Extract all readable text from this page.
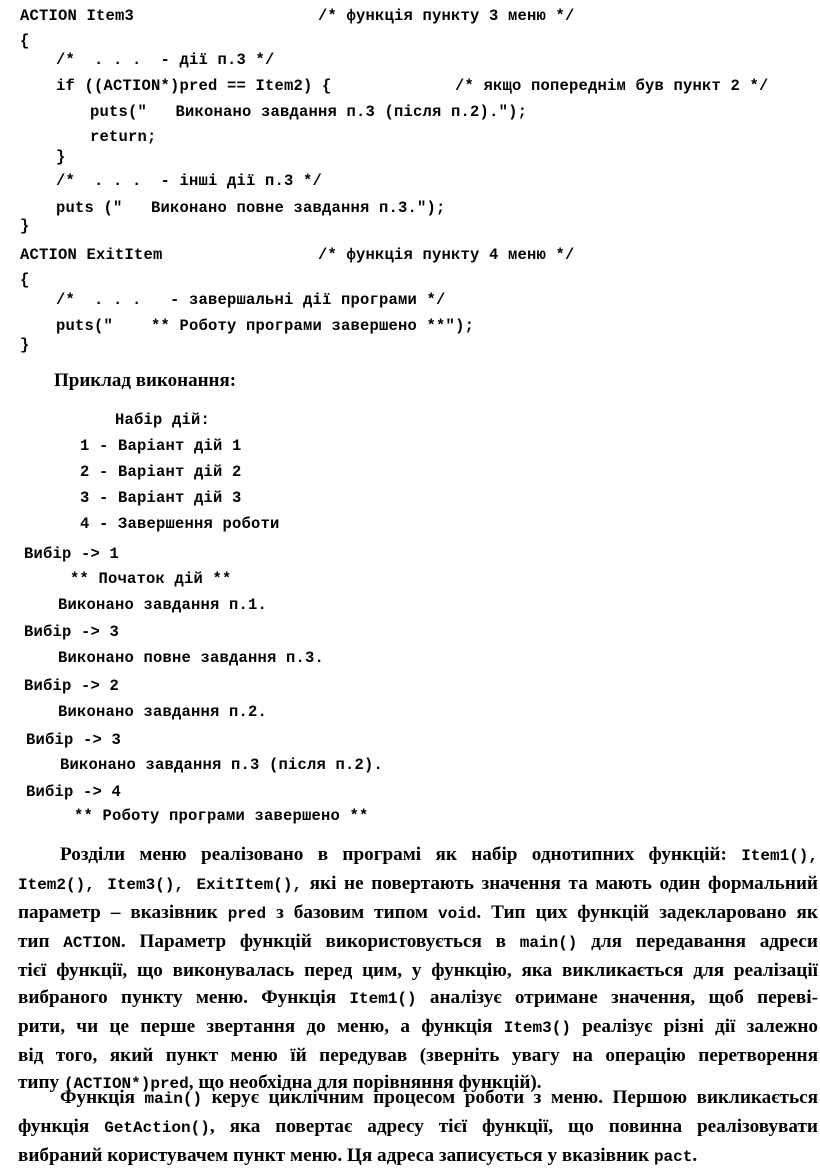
ACTION Item3	/* функція пункту 3 меню */
{
/*  . . .  - дії п.3 */
if ((ACTION*)pred == Item2) {	/* якщо попереднім був пункт 2 */
puts("   Виконано завдання п.3 (після п.2).");
return;
}
/*  . . .  - інші дії п.3 */
puts ("   Виконано повне завдання п.3.");
}
ACTION ExitItem	/* функція пункту 4 меню */
{
/*  . . .   - завершальні дії програми */
puts("    ** Роботу програми завершено **");
}
Приклад виконання:
Набір дій:
1 - Варіант дій 1
2 - Варіант дій 2
3 - Варіант дій 3
4 - Завершення роботи
Вибір -> 1
** Початок дій **
Виконано завдання п.1.
Вибір -> 3
Виконано повне завдання п.3.
Вибір -> 2
Виконано завдання п.2.
Вибір -> 3
Виконано завдання п.3 (після п.2).
Вибір -> 4
** Роботу програми завершено **
Розділи меню реалізовано в програмі як набір однотипних функцій: Item1(),
Item2(), Item3(), ExitItem(), які не повертають значення та мають один формальний
параметр – вказівник pred з базовим типом void. Тип цих функцій задекларовано як
тип ACTION. Параметр функцій використовується в main() для передавання адреси
тієї функції, що виконувалась перед цим, у функцію, яка викликається для реалізації
вибраного пункту меню. Функція Item1() аналізує отримане значення, щоб переві-
рити, чи це перше звертання до меню, а функція Item3() реалізує різні дії залежно
від того, який пункт меню їй передував (зверніть увагу на операцію перетворення
типу (ACTION*)pred, що необхідна для порівняння функцій).
Функція main() керує циклічним процесом роботи з меню. Першою викликається
функція GetAction(), яка повертає адресу тієї функції, що повинна реалізовувати
вибраний користувачем пункт меню. Ця адреса записується у вказівник pact.
